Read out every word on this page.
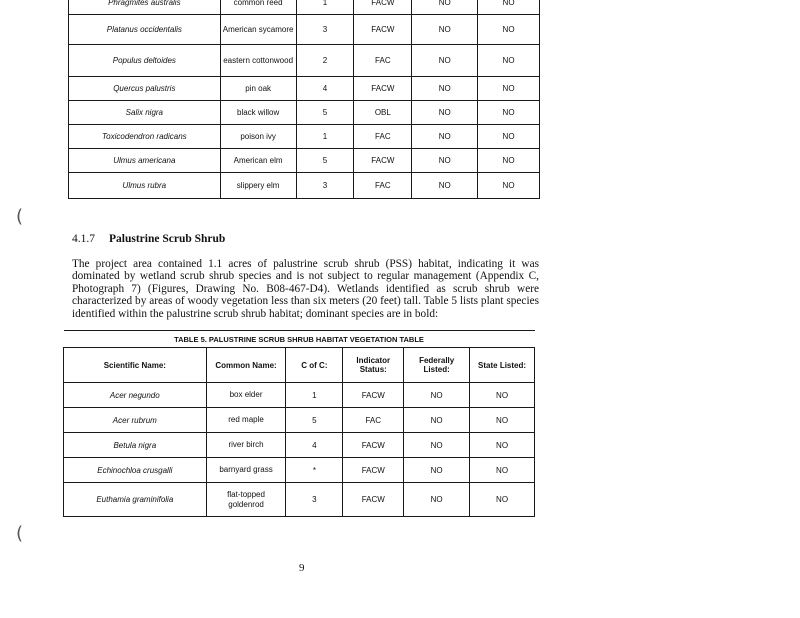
Phragmites australis	common reed	1	FACW	NO	NO
Platanus occidentalis	American sycamore	3	FACW	NO	NO
Populus deltoides	eastern cottonwood	2	FAC	NO	NO
Quercus palustris	pin oak	4	FACW	NO	NO
Salix nigra	black willow	5	OBL	NO	NO
Toxicodendron radicans	poison ivy	1	FAC	NO	NO
Ulmus americana	American elm	5	FACW	NO	NO
Ulmus rubra	slippery elm	3	FAC	NO	NO
(
(
4.1.7 Palustrine Scrub Shrub

The project area contained 1.1 acres of palustrine scrub shrub (PSS) habitat, indicating it was dominated by wetland scrub shrub species and is not subject to regular management (Appendix C, Photograph 7) (Figures, Drawing No. B08-467-D4). Wetlands identified as scrub shrub were characterized by areas of woody vegetation less than six meters (20 feet) tall. Table 5 lists plant species identified within the palustrine scrub shrub habitat; dominant species are in bold:

TABLE 5. PALUSTRINE SCRUB SHRUB HABITAT VEGETATION TABLE					
Scientific Name:	Common Name:	C of C:	Indicator Status:	Federally Listed:	State Listed:
Acer negundo	box elder	1	FACW	NO	NO
Acer rubrum	red maple	5	FAC	NO	NO
Betula nigra	river birch	4	FACW	NO	NO
Echinochloa crusgalli	barnyard grass	*	FACW	NO	NO
Euthamia graminifolia	flat-topped goldenrod	3	FACW	NO	NO
9
